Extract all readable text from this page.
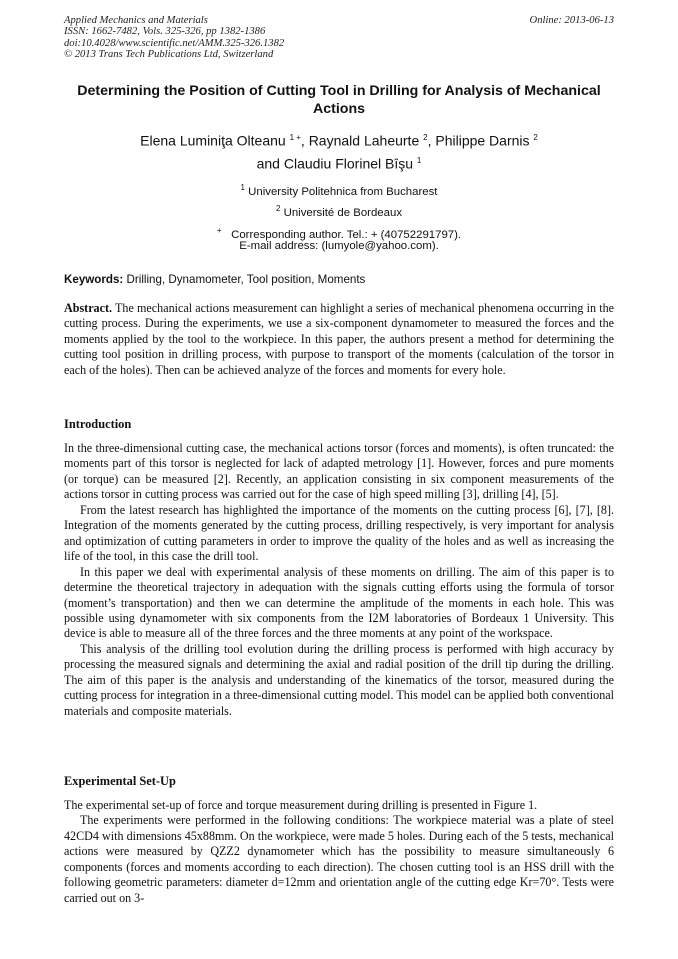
Applied Mechanics and Materials
ISSN: 1662-7482, Vols. 325-326, pp 1382-1386
doi:10.4028/www.scientific.net/AMM.325-326.1382
© 2013 Trans Tech Publications Ltd, Switzerland
Online: 2013-06-13
Determining the Position of Cutting Tool in Drilling for Analysis of Mechanical Actions
Elena Luminiţa Olteanu $^{1 +}$, Raynald Laheurte $^2$, Philippe Darnis $^2$
and Claudiu Florinel Bîşu $^1$
$^1$ University Politehnica from Bucharest
$^2$ Université de Bordeaux
+ Corresponding author. Tel.: + (40752291797).
E-mail address: (lumyole@yahoo.com).
Keywords: Drilling, Dynamometer, Tool position, Moments

Abstract. The mechanical actions measurement can highlight a series of mechanical phenomena occurring in the cutting process. During the experiments, we use a six-component dynamometer to measured the forces and the moments applied by the tool to the workpiece. In this paper, the authors present a method for determining the cutting tool position in drilling process, with purpose to transport of the moments (calculation of the torsor in each of the holes). Then can be achieved analyze of the forces and moments for every hole.

Introduction

In the three-dimensional cutting case, the mechanical actions torsor (forces and moments), is often truncated: the moments part of this torsor is neglected for lack of adapted metrology [1]. However, forces and pure moments (or torque) can be measured [2]. Recently, an application consisting in six component measurements of the actions torsor in cutting process was carried out for the case of high speed milling [3], drilling [4], [5].

From the latest research has highlighted the importance of the moments on the cutting process [6], [7], [8]. Integration of the moments generated by the cutting process, drilling respectively, is very important for analysis and optimization of cutting parameters in order to improve the quality of the holes and as well as increasing the life of the tool, in this case the drill tool.

In this paper we deal with experimental analysis of these moments on drilling. The aim of this paper is to determine the theoretical trajectory in adequation with the signals cutting efforts using the formula of torsor (moment’s transportation) and then we can determine the amplitude of the moments in each hole. This was possible using dynamometer with six components from the I2M laboratories of Bordeaux 1 University. This device is able to measure all of the three forces and the three moments at any point of the workspace.

This analysis of the drilling tool evolution during the drilling process is performed with high accuracy by processing the measured signals and determining the axial and radial position of the drill tip during the drilling. The aim of this paper is the analysis and understanding of the kinematics of the torsor, measured during the cutting process for integration in a three-dimensional cutting model. This model can be applied both conventional materials and composite materials.

Experimental Set-Up

The experimental set-up of force and torque measurement during drilling is presented in Figure 1.

The experiments were performed in the following conditions: The workpiece material was a plate of steel 42CD4 with dimensions 45x88mm. On the workpiece, were made 5 holes. During each of the 5 tests, mechanical actions were measured by QZZ2 dynamometer which has the possibility to measure simultaneously 6 components (forces and moments according to each direction). The chosen cutting tool is an HSS drill with the following geometric parameters: diameter d=12mm and orientation angle of the cutting edge Kr=70°. Tests were carried out on 3-
